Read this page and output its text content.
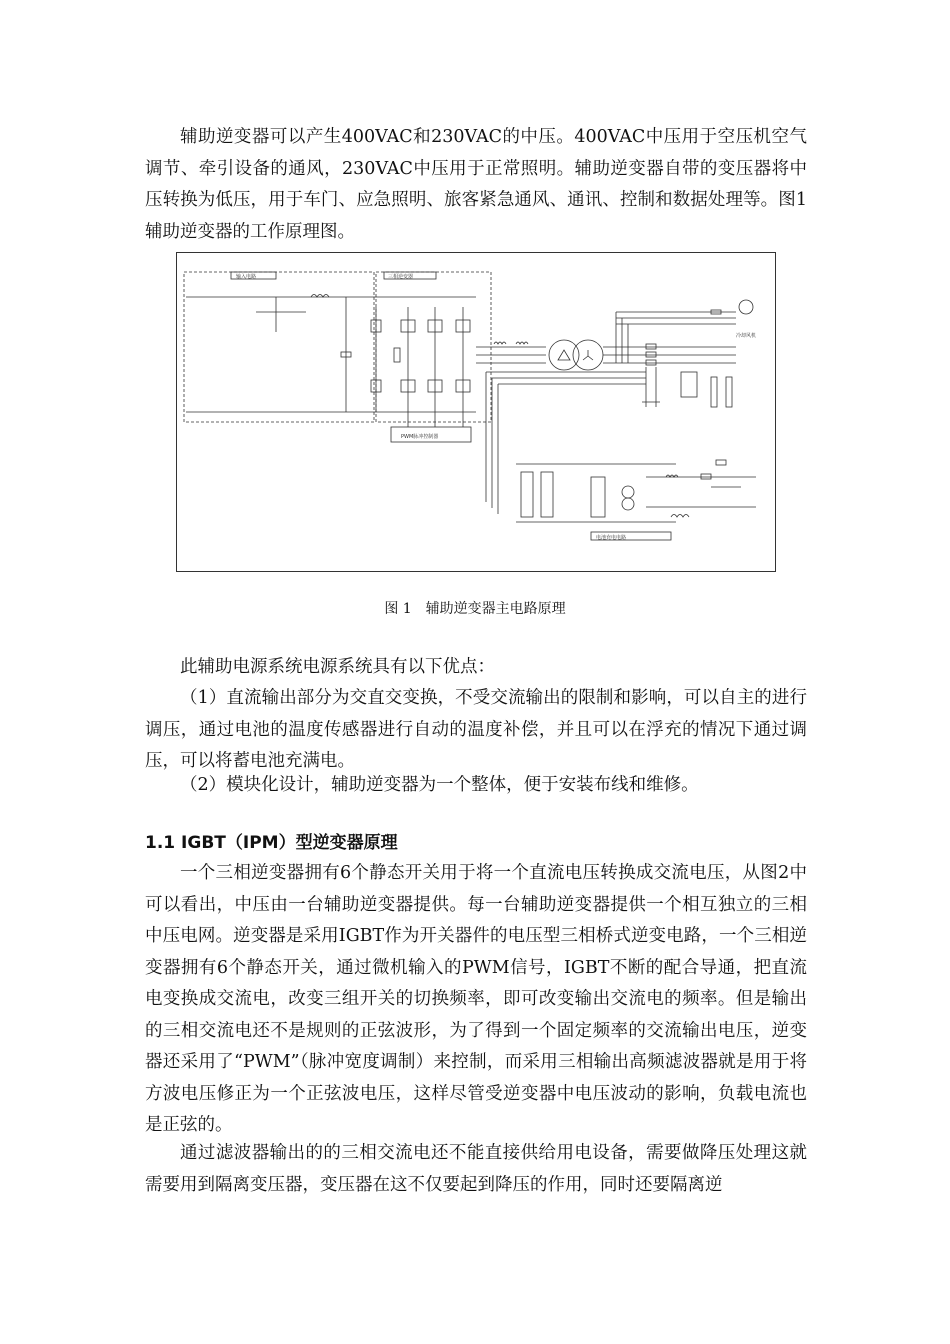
辅助逆变器可以产生400VAC和230VAC的中压。400VAC中压用于空压机空气调节、牵引设备的通风，230VAC中压用于正常照明。辅助逆变器自带的变压器将中压转换为低压，用于车门、应急照明、旅客紧急通风、通讯、控制和数据处理等。图1辅助逆变器的工作原理图。

输入电路	三相逆变器
PWM脉冲控制器
电池充电电路
冷却风机
图 1　辅助逆变器主电路原理

此辅助电源系统电源系统具有以下优点：

（1）直流输出部分为交直交变换，不受交流输出的限制和影响，可以自主的进行调压，通过电池的温度传感器进行自动的温度补偿，并且可以在浮充的情况下通过调压，可以将蓄电池充满电。

（2）模块化设计，辅助逆变器为一个整体，便于安装布线和维修。

1.1 IGBT（IPM）型逆变器原理

一个三相逆变器拥有6个静态开关用于将一个直流电压转换成交流电压，从图2中可以看出，中压由一台辅助逆变器提供。每一台辅助逆变器提供一个相互独立的三相中压电网。逆变器是采用IGBT作为开关器件的电压型三相桥式逆变电路，一个三相逆变器拥有6个静态开关，通过微机输入的PWM信号，IGBT不断的配合导通，把直流电变换成交流电，改变三组开关的切换频率，即可改变输出交流电的频率。但是输出的三相交流电还不是规则的正弦波形，为了得到一个固定频率的交流输出电压，逆变器还采用了“PWM”（脉冲宽度调制）来控制，而采用三相输出高频滤波器就是用于将方波电压修正为一个正弦波电压，这样尽管受逆变器中电压波动的影响，负载电流也是正弦的。

通过滤波器输出的的三相交流电还不能直接供给用电设备，需要做降压处理这就需要用到隔离变压器，变压器在这不仅要起到降压的作用，同时还要隔离逆
